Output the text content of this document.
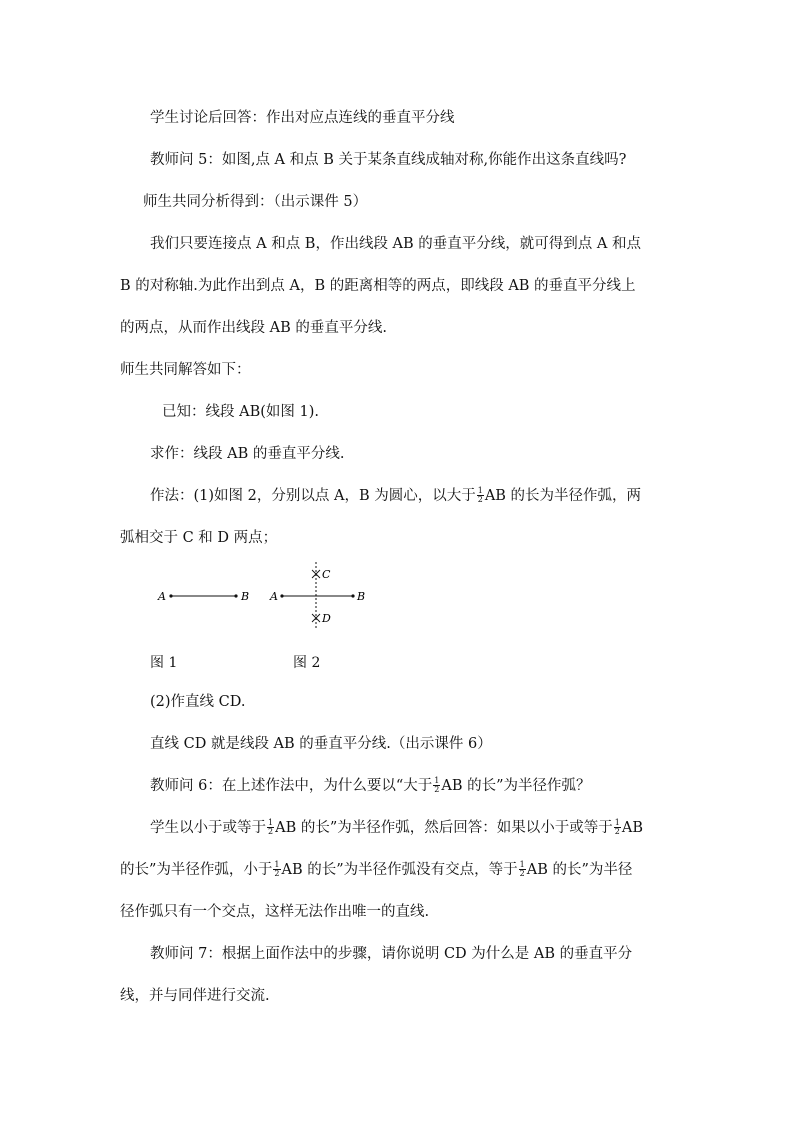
学生讨论后回答：作出对应点连线的垂直平分线
教师问 5：如图,点 A 和点 B 关于某条直线成轴对称,你能作出这条直线吗?
师生共同分析得到：（出示课件 5）
我们只要连接点 A 和点 B，作出线段 AB 的垂直平分线，就可得到点 A 和点
B 的对称轴.为此作出到点 A，B 的距离相等的两点，即线段 AB 的垂直平分线上
的两点，从而作出线段 AB 的垂直平分线.
师生共同解答如下：
已知：线段 AB(如图 1).
求作：线段 AB 的垂直平分线.
作法：(1)如图 2，分别以点 A，B 为圆心，以大于 $\frac{1}{2}$ AB 的长为半径作弧，两
弧相交于 C 和 D 两点；
A	B A	B
C
D
图 1	图 2
(2)作直线 CD.
直线 CD 就是线段 AB 的垂直平分线.（出示课件 6）
教师问 6：在上述作法中，为什么要以“大于 $\frac{1}{2}$ AB 的长”为半径作弧？
学生以小于或等于 $\frac{1}{2}$ AB 的长”为半径作弧，然后回答：如果以小于或等于 $\frac{1}{2}$ AB
的长”为半径作弧，小于 $\frac{1}{2}$ AB 的长”为半径作弧没有交点，等于 $\frac{1}{2}$ AB 的长”为半径
径作弧只有一个交点，这样无法作出唯一的直线.
教师问 7：根据上面作法中的步骤，请你说明 CD 为什么是 AB 的垂直平分
线，并与同伴进行交流.
